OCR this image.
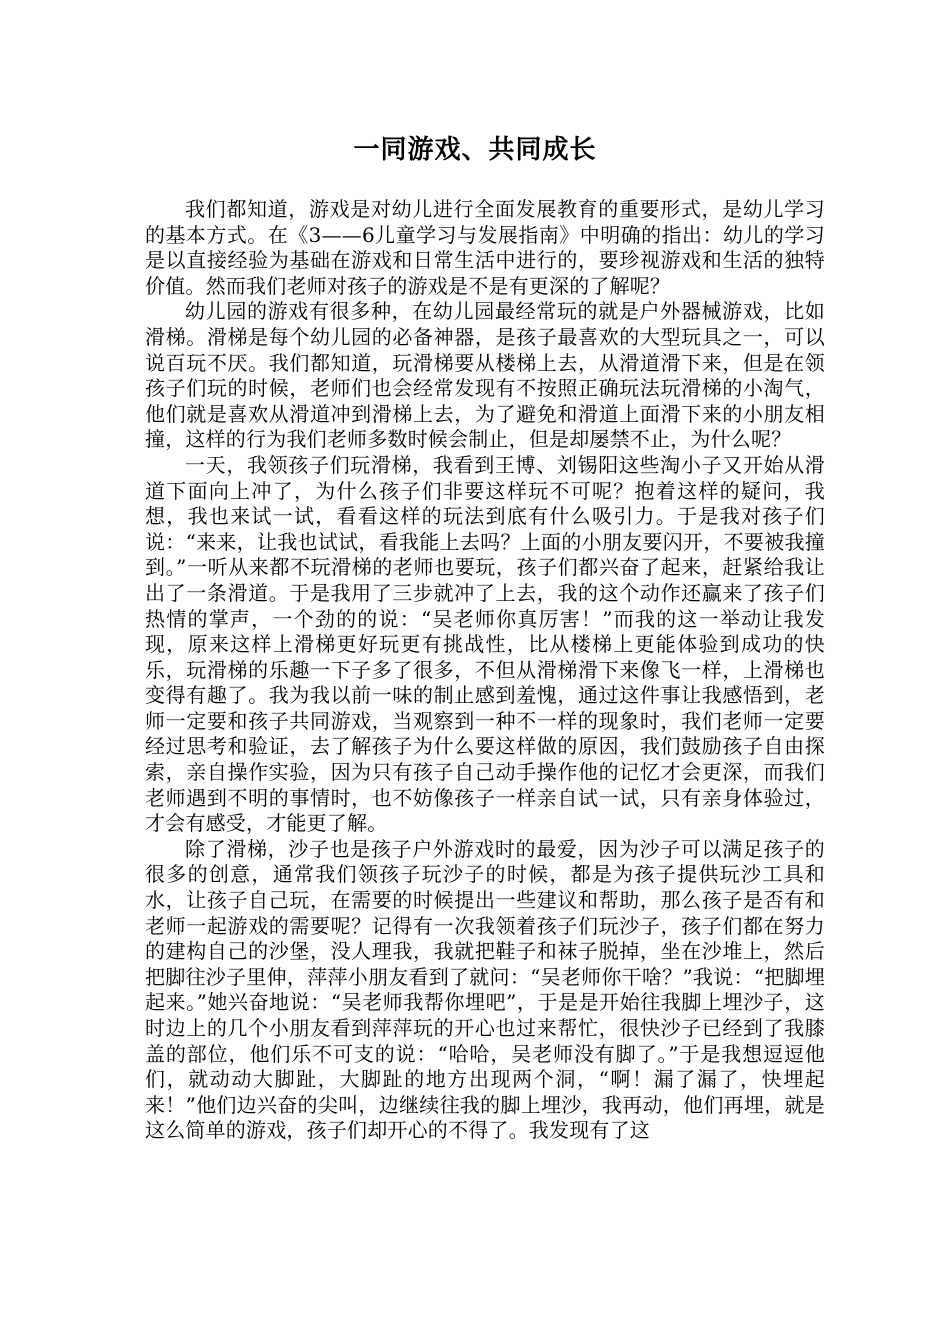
一同游戏、共同成长

我们都知道，游戏是对幼儿进行全面发展教育的重要形式，是幼儿学习的基本方式。在《3——6儿童学习与发展指南》中明确的指出：幼儿的学习是以直接经验为基础在游戏和日常生活中进行的，要珍视游戏和生活的独特价值。然而我们老师对孩子的游戏是不是有更深的了解呢？

幼儿园的游戏有很多种，在幼儿园最经常玩的就是户外器械游戏，比如滑梯。滑梯是每个幼儿园的必备神器，是孩子最喜欢的大型玩具之一，可以说百玩不厌。我们都知道，玩滑梯要从楼梯上去，从滑道滑下来，但是在领孩子们玩的时候，老师们也会经常发现有不按照正确玩法玩滑梯的小淘气，他们就是喜欢从滑道冲到滑梯上去，为了避免和滑道上面滑下来的小朋友相撞，这样的行为我们老师多数时候会制止，但是却屡禁不止，为什么呢？

一天，我领孩子们玩滑梯，我看到王博、刘锡阳这些淘小子又开始从滑道下面向上冲了，为什么孩子们非要这样玩不可呢？抱着这样的疑问，我想，我也来试一试，看看这样的玩法到底有什么吸引力。于是我对孩子们说：“来来，让我也试试，看我能上去吗？上面的小朋友要闪开，不要被我撞到。”一听从来都不玩滑梯的老师也要玩，孩子们都兴奋了起来，赶紧给我让出了一条滑道。于是我用了三步就冲了上去，我的这个动作还赢来了孩子们热情的掌声，一个劲的的说：“吴老师你真厉害！”而我的这一举动让我发现，原来这样上滑梯更好玩更有挑战性，比从楼梯上更能体验到成功的快乐，玩滑梯的乐趣一下子多了很多，不但从滑梯滑下来像飞一样，上滑梯也变得有趣了。我为我以前一味的制止感到羞愧，通过这件事让我感悟到，老师一定要和孩子共同游戏，当观察到一种不一样的现象时，我们老师一定要经过思考和验证，去了解孩子为什么要这样做的原因，我们鼓励孩子自由探索，亲自操作实验，因为只有孩子自己动手操作他的记忆才会更深，而我们老师遇到不明的事情时，也不妨像孩子一样亲自试一试，只有亲身体验过，才会有感受，才能更了解。

除了滑梯，沙子也是孩子户外游戏时的最爱，因为沙子可以满足孩子的很多的创意，通常我们领孩子玩沙子的时候，都是为孩子提供玩沙工具和水，让孩子自己玩，在需要的时候提出一些建议和帮助，那么孩子是否有和老师一起游戏的需要呢？记得有一次我领着孩子们玩沙子，孩子们都在努力的建构自己的沙堡，没人理我，我就把鞋子和袜子脱掉，坐在沙堆上，然后把脚往沙子里伸，萍萍小朋友看到了就问：“吴老师你干啥？”我说：“把脚埋起来。”她兴奋地说：“吴老师我帮你埋吧”，于是是开始往我脚上埋沙子，这时边上的几个小朋友看到萍萍玩的开心也过来帮忙，很快沙子已经到了我膝盖的部位，他们乐不可支的说：“哈哈，吴老师没有脚了。”于是我想逗逗他们，就动动大脚趾，大脚趾的地方出现两个洞，“啊！漏了漏了，快埋起来！”他们边兴奋的尖叫，边继续往我的脚上埋沙，我再动，他们再埋，就是这么简单的游戏，孩子们却开心的不得了。我发现有了这
